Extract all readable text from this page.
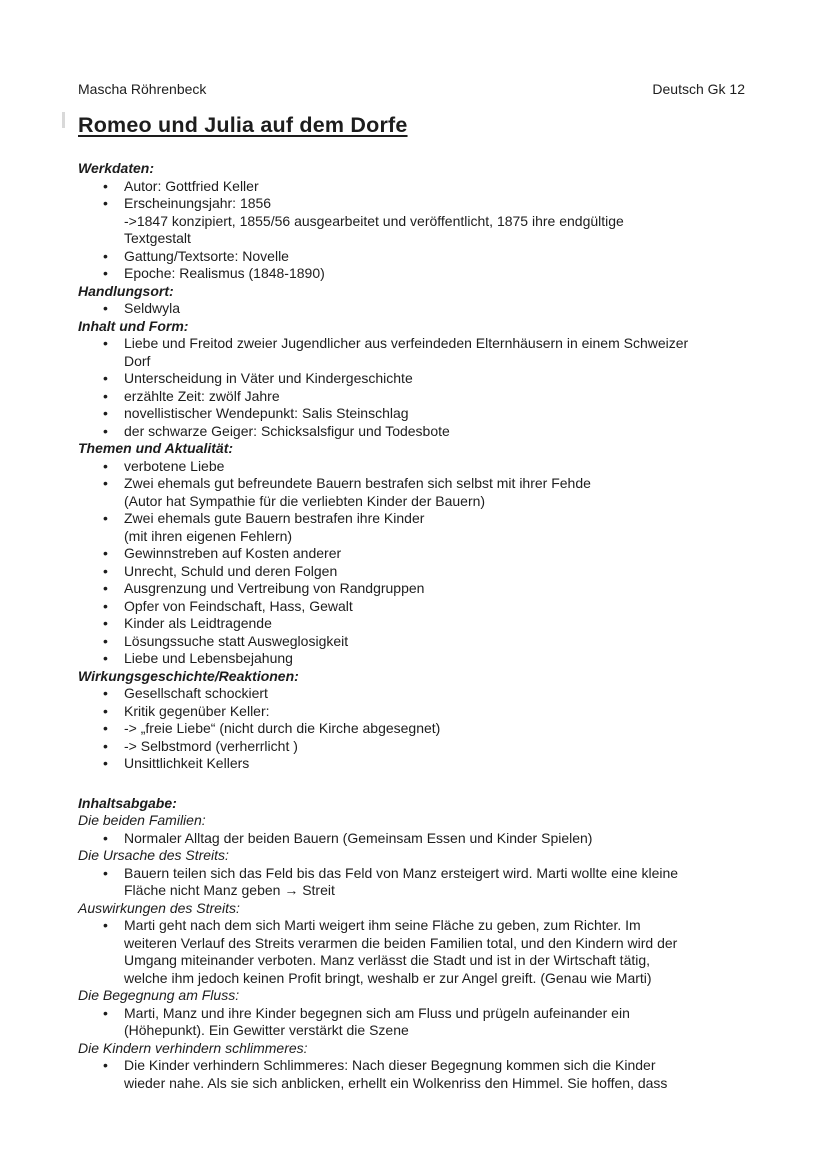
Mascha Röhrenbeck	Deutsch Gk 12
Romeo und Julia auf dem Dorfe
Werkdaten:
•	Autor: Gottfried Keller
•	Erscheinungsjahr: 1856
->1847 konzipiert, 1855/56 ausgearbeitet und veröffentlicht, 1875 ihre endgültige
Textgestalt
•	Gattung/Textsorte: Novelle
•	Epoche: Realismus (1848-1890)
Handlungsort:
•	Seldwyla
Inhalt und Form:
•	Liebe und Freitod zweier Jugendlicher aus verfeindeden Elternhäusern in einem Schweizer
Dorf
•	Unterscheidung in Väter und Kindergeschichte
•	erzählte Zeit: zwölf Jahre
•	novellistischer Wendepunkt: Salis Steinschlag
•	der schwarze Geiger: Schicksalsfigur und Todesbote
Themen und Aktualität:
•	verbotene Liebe
•	Zwei ehemals gut befreundete Bauern bestrafen sich selbst mit ihrer Fehde
(Autor hat Sympathie für die verliebten Kinder der Bauern)
•	Zwei ehemals gute Bauern bestrafen ihre Kinder
(mit ihren eigenen Fehlern)
•	Gewinnstreben auf Kosten anderer
•	Unrecht, Schuld und deren Folgen
•	Ausgrenzung und Vertreibung von Randgruppen
•	Opfer von Feindschaft, Hass, Gewalt
•	Kinder als Leidtragende
•	Lösungssuche statt Ausweglosigkeit
•	Liebe und Lebensbejahung
Wirkungsgeschichte/Reaktionen:
•	Gesellschaft schockiert
•	Kritik gegenüber Keller:
•	-> „freie Liebe“ (nicht durch die Kirche abgesegnet)
•	-> Selbstmord (verherrlicht )
•	Unsittlichkeit Kellers
Inhaltsabgabe:
Die beiden Familien:
•	Normaler Alltag der beiden Bauern (Gemeinsam Essen und Kinder Spielen)
Die Ursache des Streits:
•	Bauern teilen sich das Feld bis das Feld von Manz ersteigert wird. Marti wollte eine kleine
Fläche nicht Manz geben → Streit
Auswirkungen des Streits:
•	Marti geht nach dem sich Marti weigert ihm seine Fläche zu geben, zum Richter. Im
weiteren Verlauf des Streits verarmen die beiden Familien total, und den Kindern wird der
Umgang miteinander verboten. Manz verlässt die Stadt und ist in der Wirtschaft tätig,
welche ihm jedoch keinen Profit bringt, weshalb er zur Angel greift. (Genau wie Marti)
Die Begegnung am Fluss:
•	Marti, Manz und ihre Kinder begegnen sich am Fluss und prügeln aufeinander ein
(Höhepunkt). Ein Gewitter verstärkt die Szene
Die Kindern verhindern schlimmeres:
•	Die Kinder verhindern Schlimmeres: Nach dieser Begegnung kommen sich die Kinder
wieder nahe. Als sie sich anblicken, erhellt ein Wolkenriss den Himmel. Sie hoffen, dass
